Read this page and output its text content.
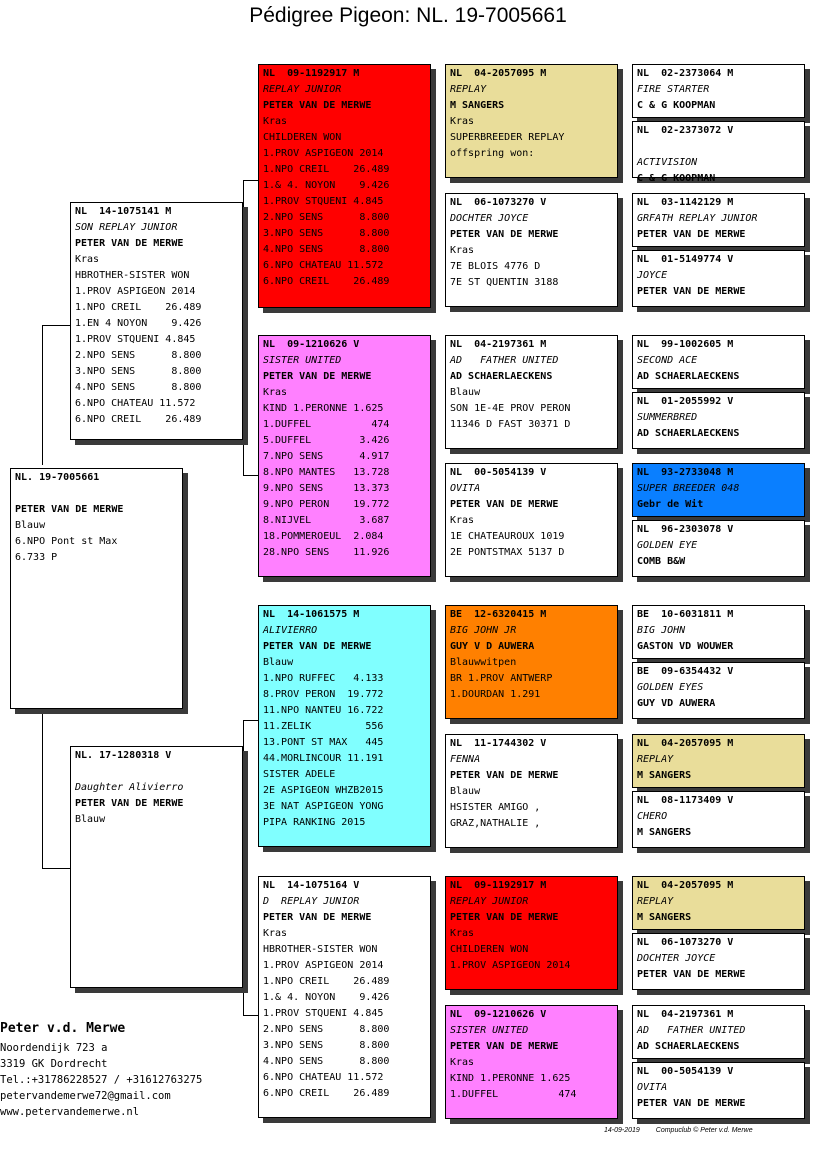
Pédigree Pigeon: NL. 19-7005661
NL. 19-7005661
PETER VAN DE MERWE
Blauw
6.NPO Pont st Max
6.733 P
NL  14-1075141 M
SON REPLAY JUNIOR
PETER VAN DE MERWE
Kras
HBROTHER-SISTER WON
1.PROV ASPIGEON 2014
1.NPO CREIL    26.489
1.EN 4 NOYON    9.426
1.PROV STQUENI 4.845
2.NPO SENS      8.800
3.NPO SENS      8.800
4.NPO SENS      8.800
6.NPO CHATEAU 11.572
6.NPO CREIL    26.489
NL. 17-1280318 V
Daughter Alivierro
PETER VAN DE MERWE
Blauw
NL  09-1192917 M
REPLAY JUNIOR
PETER VAN DE MERWE
Kras
CHILDEREN WON
1.PROV ASPIGEON 2014
1.NPO CREIL    26.489
1.& 4. NOYON    9.426
1.PROV STQUENI 4.845
2.NPO SENS      8.800
3.NPO SENS      8.800
4.NPO SENS      8.800
6.NPO CHATEAU 11.572
6.NPO CREIL    26.489
NL  09-1210626 V
SISTER UNITED
PETER VAN DE MERWE
Kras
KIND 1.PERONNE 1.625
1.DUFFEL          474
5.DUFFEL        3.426
7.NPO SENS      4.917
8.NPO MANTES   13.728
9.NPO SENS     13.373
9.NPO PERON    19.772
8.NIJVEL        3.687
18.POMMEROEUL  2.084
28.NPO SENS    11.926
NL  14-1061575 M
ALIVIERRO
PETER VAN DE MERWE
Blauw
1.NPO RUFFEC   4.133
8.PROV PERON  19.772
11.NPO NANTEU 16.722
11.ZELIK         556
13.PONT ST MAX   445
44.MORLINCOUR 11.191
SISTER ADELE
2E ASPIGEON WHZB2015
3E NAT ASPIGEON YONG
PIPA RANKING 2015
NL  14-1075164 V
D  REPLAY JUNIOR
PETER VAN DE MERWE
Kras
HBROTHER-SISTER WON
1.PROV ASPIGEON 2014
1.NPO CREIL    26.489
1.& 4. NOYON    9.426
1.PROV STQUENI 4.845
2.NPO SENS      8.800
3.NPO SENS      8.800
4.NPO SENS      8.800
6.NPO CHATEAU 11.572
6.NPO CREIL    26.489
NL  04-2057095 M
REPLAY
M SANGERS
Kras
SUPERBREEDER REPLAY
offspring won:
NL  06-1073270 V
DOCHTER JOYCE
PETER VAN DE MERWE
Kras
7E BLOIS 4776 D
7E ST QUENTIN 3188
NL  04-2197361 M
AD   FATHER UNITED
AD SCHAERLAECKENS
Blauw
SON 1E-4E PROV PERON
11346 D FAST 30371 D
NL  00-5054139 V
OVITA
PETER VAN DE MERWE
Kras
1E CHATEAUROUX 1019
2E PONTSTMAX 5137 D
BE  12-6320415 M
BIG JOHN JR
GUY V D AUWERA
Blauwwitpen
BR 1.PROV ANTWERP
1.DOURDAN 1.291
NL  11-1744302 V
FENNA
PETER VAN DE MERWE
Blauw
HSISTER AMIGO ,
GRAZ,NATHALIE ,
NL  09-1192917 M
REPLAY JUNIOR
PETER VAN DE MERWE
Kras
CHILDEREN WON
1.PROV ASPIGEON 2014
NL  09-1210626 V
SISTER UNITED
PETER VAN DE MERWE
Kras
KIND 1.PERONNE 1.625
1.DUFFEL          474
NL  02-2373064 M
FIRE STARTER
C & G KOOPMAN
NL  02-2373072 V
ACTIVISION
C & G KOOPMAN
NL  03-1142129 M
GRFATH REPLAY JUNIOR
PETER VAN DE MERWE
NL  01-5149774 V
JOYCE
PETER VAN DE MERWE
NL  99-1002605 M
SECOND ACE
AD SCHAERLAECKENS
NL  01-2055992 V
SUMMERBRED
AD SCHAERLAECKENS
NL  93-2733048 M
SUPER BREEDER 048
Gebr de Wit
NL  96-2303078 V
GOLDEN EYE
COMB B&W
BE  10-6031811 M
BIG JOHN
GASTON VD WOUWER
BE  09-6354432 V
GOLDEN EYES
GUY VD AUWERA
NL  04-2057095 M
REPLAY
M SANGERS
NL  08-1173409 V
CHERO
M SANGERS
NL  04-2057095 M
REPLAY
M SANGERS
NL  06-1073270 V
DOCHTER JOYCE
PETER VAN DE MERWE
NL  04-2197361 M
AD   FATHER UNITED
AD SCHAERLAECKENS
NL  00-5054139 V
OVITA
PETER VAN DE MERWE
Peter v.d. Merwe
Noordendijk 723 a
3319 GK Dordrecht
Tel.:+31786228527 / +31612763275
petervandemerwe72@gmail.com
www.petervandemerwe.nl
14-09-2019 Compuclub © Peter v.d. Merwe
